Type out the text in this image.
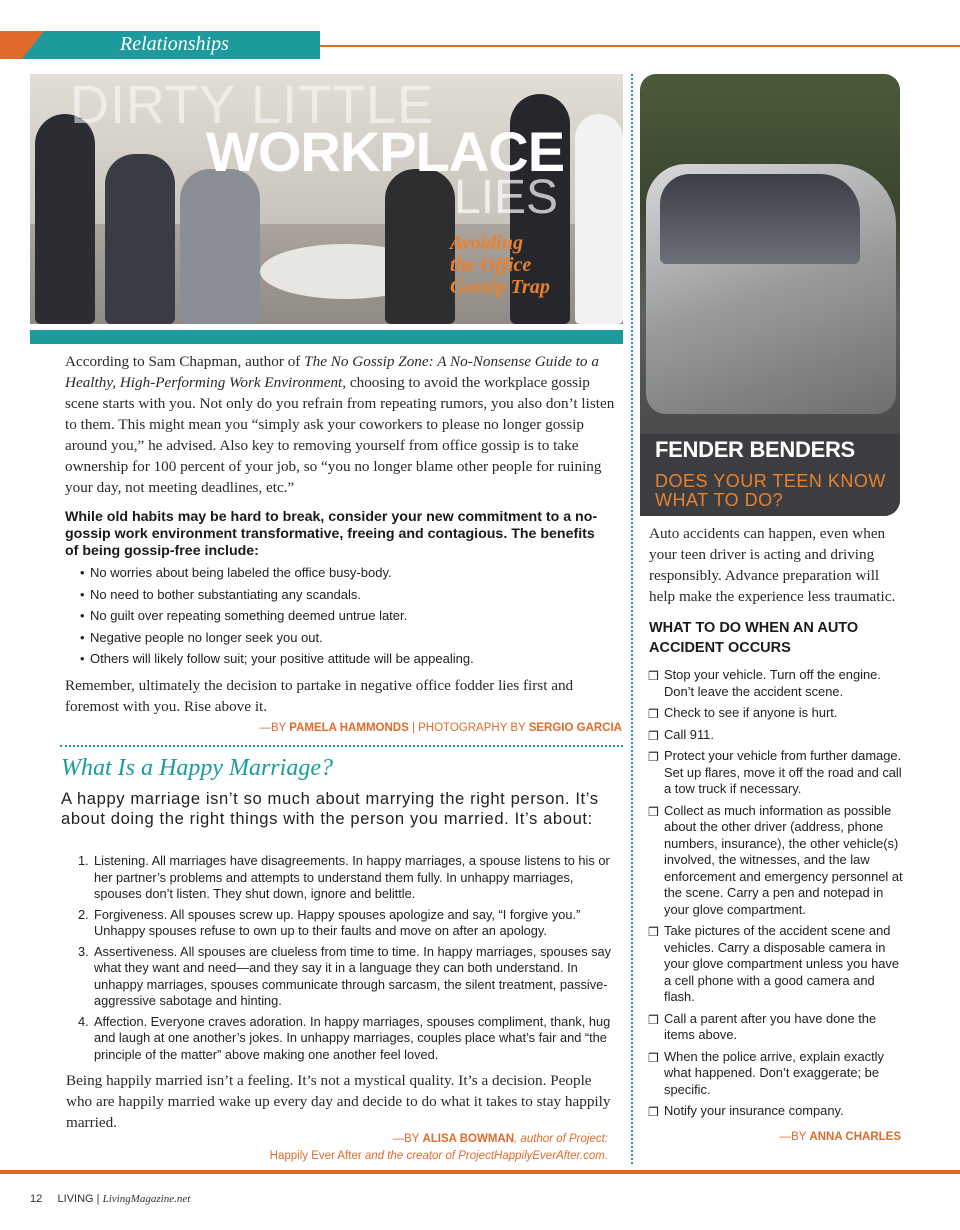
Relationships
DIRTY LITTLE
WORKPLACE
LIES
Avoiding
the Office
Gossip Trap
According to Sam Chapman, author of The No Gossip Zone: A No-Nonsense Guide to a Healthy, High-Performing Work Environment, choosing to avoid the workplace gossip scene starts with you. Not only do you refrain from repeating rumors, you also don’t listen to them. This might mean you “simply ask your coworkers to please no longer gossip around you,” he advised. Also key to removing yourself from office gossip is to take ownership for 100 percent of your job, so “you no longer blame other people for ruining your day, not meeting deadlines, etc.”
While old habits may be hard to break, consider your new commitment to a no-gossip work environment transformative, freeing and contagious. The benefits of being gossip-free include:
• No worries about being labeled the office busy-body.
• No need to bother substantiating any scandals.
• No guilt over repeating something deemed untrue later.
• Negative people no longer seek you out.
• Others will likely follow suit; your positive attitude will be appealing.
Remember, ultimately the decision to partake in negative office fodder lies first and foremost with you. Rise above it.
—BY PAMELA HAMMONDS | PHOTOGRAPHY BY SERGIO GARCIA
What Is a Happy Marriage?
A happy marriage isn’t so much about marrying the right person. It’s about doing the right things with the person you married. It’s about:
1. Listening. All marriages have disagreements. In happy marriages, a spouse listens to his or her partner’s problems and attempts to understand them fully. In unhappy marriages, spouses don’t listen. They shut down, ignore and belittle.
2. Forgiveness. All spouses screw up. Happy spouses apologize and say, “I forgive you.” Unhappy spouses refuse to own up to their faults and move on after an apology.
3. Assertiveness. All spouses are clueless from time to time. In happy marriages, spouses say what they want and need—and they say it in a language they can both understand. In unhappy marriages, spouses communicate through sarcasm, the silent treatment, passive-aggressive sabotage and hinting.
4. Affection. Everyone craves adoration. In happy marriages, spouses compliment, thank, hug and laugh at one another’s jokes. In unhappy marriages, couples place what’s fair and “the principle of the matter” above making one another feel loved.
Being happily married isn’t a feeling. It’s not a mystical quality. It’s a decision. People who are happily married wake up every day and decide to do what it takes to stay happily married.
—BY ALISA BOWMAN, author of Project:
Happily Ever After and the creator of ProjectHappilyEverAfter.com.
FENDER BENDERS
DOES YOUR TEEN KNOW WHAT TO DO?
Auto accidents can happen, even when your teen driver is acting and driving responsibly. Advance preparation will help make the experience less traumatic.
WHAT TO DO WHEN AN AUTO ACCIDENT OCCURS
❒ Stop your vehicle. Turn off the engine. Don’t leave the accident scene.
❒ Check to see if anyone is hurt.
❒ Call 911.
❒ Protect your vehicle from further damage. Set up flares, move it off the road and call a tow truck if necessary.
❒ Collect as much information as possible about the other driver (address, phone numbers, insurance), the other vehicle(s) involved, the witnesses, and the law enforcement and emergency personnel at the scene. Carry a pen and notepad in your glove compartment.
❒ Take pictures of the accident scene and vehicles. Carry a disposable camera in your glove compartment unless you have a cell phone with a good camera and flash.
❒ Call a parent after you have done the items above.
❒ When the police arrive, explain exactly what happened. Don’t exaggerate; be specific.
❒ Notify your insurance company.
—BY ANNA CHARLES
12 LIVING | LivingMagazine.net
